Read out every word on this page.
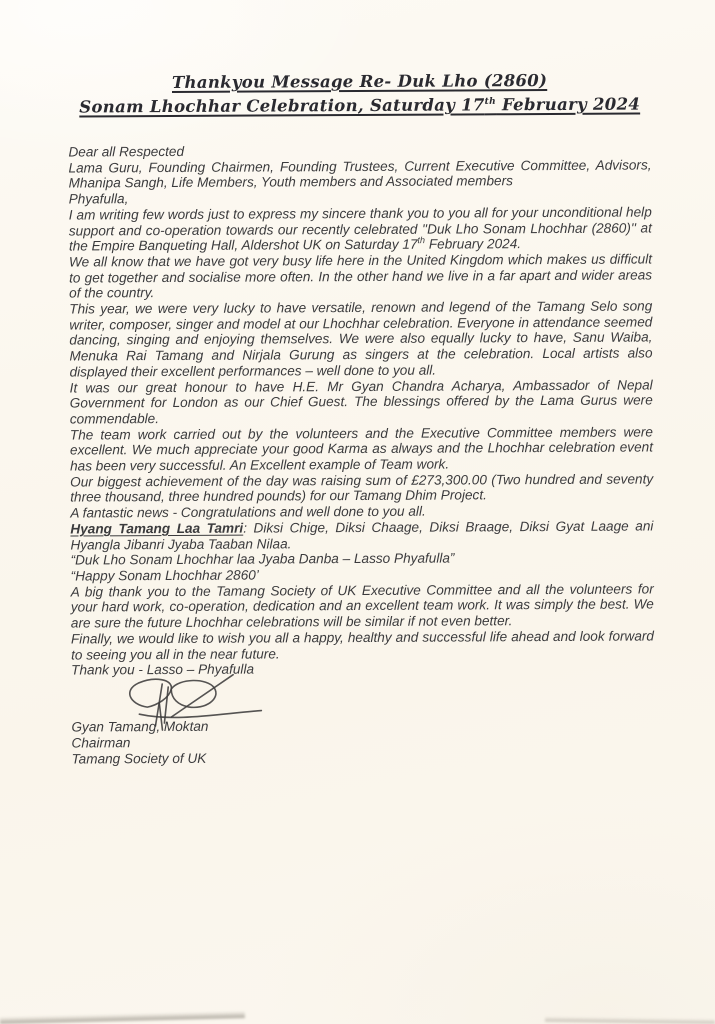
Thankyou Message Re- Duk Lho (2860)
Sonam Lhochhar Celebration, Saturday 17th February 2024

Dear all Respected

Lama Guru, Founding Chairmen, Founding Trustees, Current Executive Committee, Advisors, Mhanipa Sangh, Life Members, Youth members and Associated members

Phyafulla,

I am writing few words just to express my sincere thank you to you all for your unconditional help support and co-operation towards our recently celebrated ''Duk Lho Sonam Lhochhar (2860)'' at the Empire Banqueting Hall, Aldershot UK on Saturday 17th February 2024.

We all know that we have got very busy life here in the United Kingdom which makes us difficult to get together and socialise more often. In the other hand we live in a far apart and wider areas of the country.

This year, we were very lucky to have versatile, renown and legend of the Tamang Selo song writer, composer, singer and model at our Lhochhar celebration. Everyone in attendance seemed dancing, singing and enjoying themselves. We were also equally lucky to have, Sanu Waiba, Menuka Rai Tamang and Nirjala Gurung as singers at the celebration. Local artists also displayed their excellent performances – well done to you all.

It was our great honour to have H.E. Mr Gyan Chandra Acharya, Ambassador of Nepal Government for London as our Chief Guest. The blessings offered by the Lama Gurus were commendable.

The team work carried out by the volunteers and the Executive Committee members were excellent. We much appreciate your good Karma as always and the Lhochhar celebration event has been very successful. An Excellent example of Team work.

Our biggest achievement of the day was raising sum of £273,300.00 (Two hundred and seventy three thousand, three hundred pounds) for our Tamang Dhim Project.

A fantastic news - Congratulations and well done to you all.

Hyang Tamang Laa Tamri: Diksi Chige, Diksi Chaage, Diksi Braage, Diksi Gyat Laage ani Hyangla Jibanri Jyaba Taaban Nilaa.

“Duk Lho Sonam Lhochhar laa Jyaba Danba – Lasso Phyafulla”

“Happy Sonam Lhochhar 2860’

A big thank you to the Tamang Society of UK Executive Committee and all the volunteers for your hard work, co-operation, dedication and an excellent team work. It was simply the best. We are sure the future Lhochhar celebrations will be similar if not even better.

Finally, we would like to wish you all a happy, healthy and successful life ahead and look forward to seeing you all in the near future.

Thank you - Lasso – Phyafulla

Gyan Tamang, Moktan

Chairman

Tamang Society of UK
